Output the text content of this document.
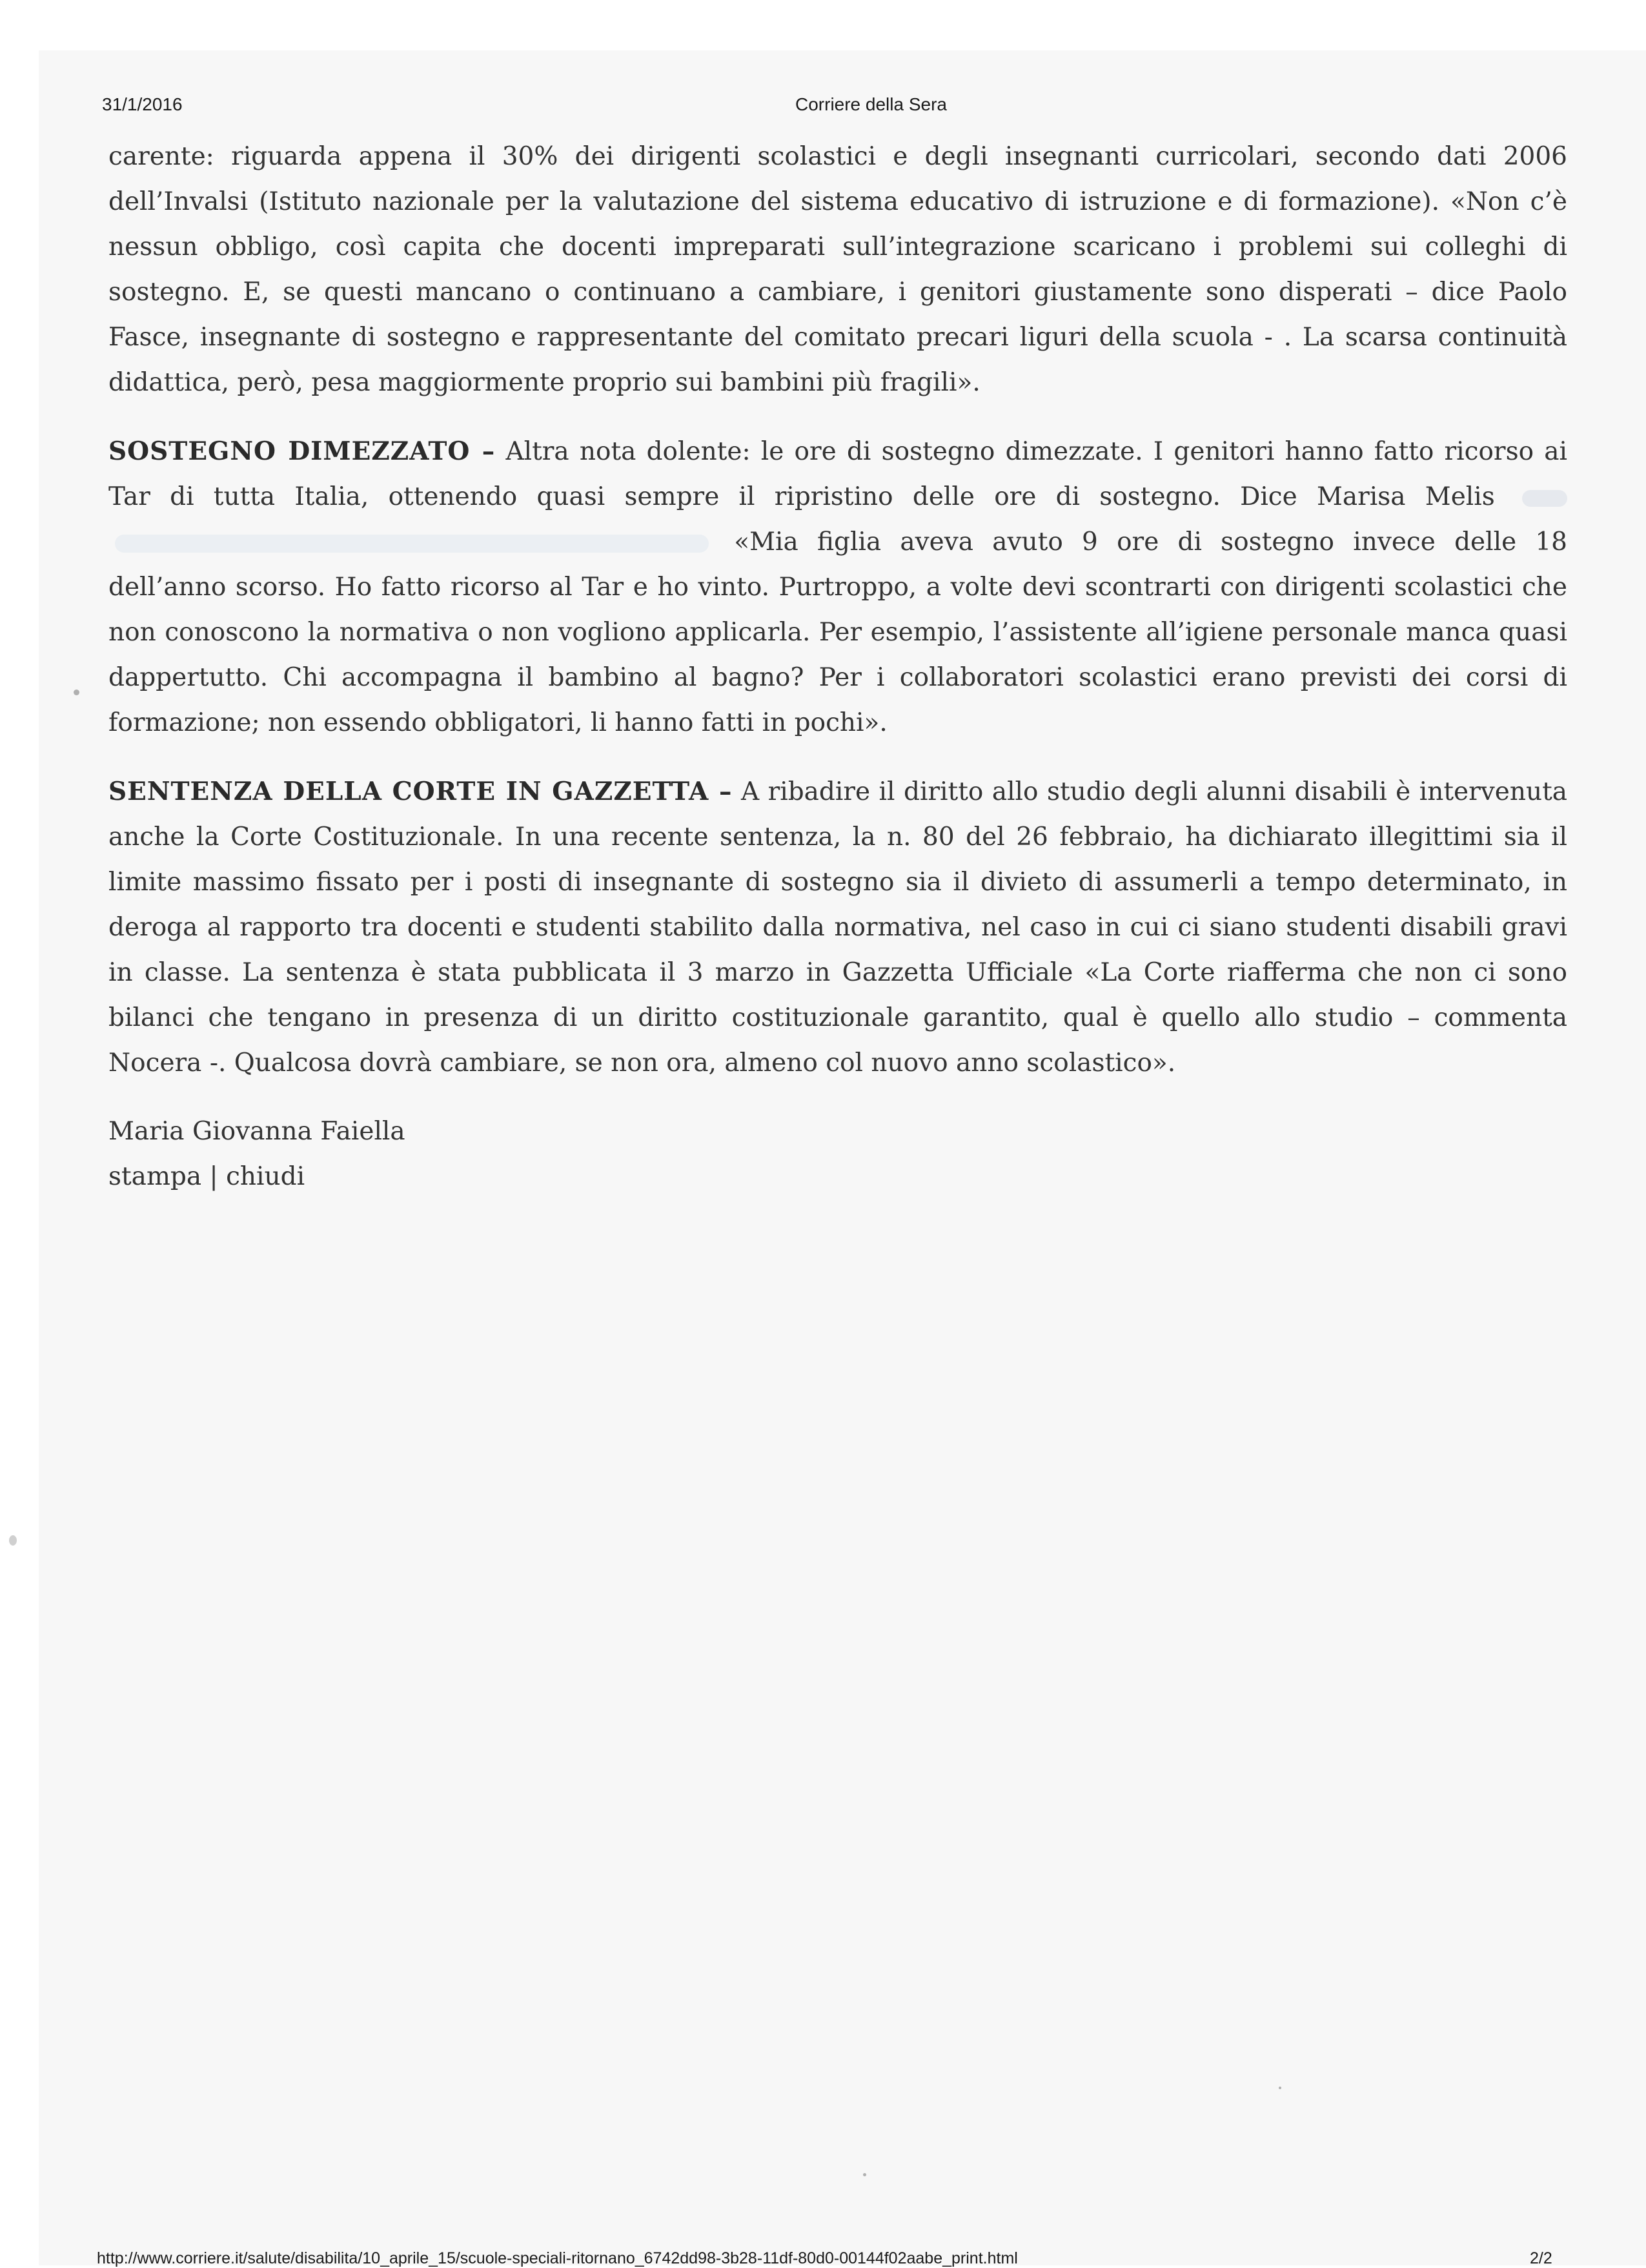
31/1/2016	Corriere della Sera

carente: riguarda appena il 30% dei dirigenti scolastici e degli insegnanti curricolari, secondo dati 2006 dell’Invalsi (Istituto nazionale per la valutazione del sistema educativo di istruzione e di formazione). «Non c’è nessun obbligo, così capita che docenti impreparati sull’integrazione scaricano i problemi sui colleghi di sostegno. E, se questi mancano o continuano a cambiare, i genitori giustamente sono disperati – dice Paolo Fasce, insegnante di sostegno e rappresentante del comitato precari liguri della scuola - . La scarsa continuità didattica, però, pesa maggiormente proprio sui bambini più fragili».

SOSTEGNO DIMEZZATO – Altra nota dolente: le ore di sostegno dimezzate. I genitori hanno fatto ricorso ai Tar di tutta Italia, ottenendo quasi sempre il ripristino delle ore di sostegno. Dice Marisa Melis   «Mia figlia aveva avuto 9 ore di sostegno invece delle 18 dell’anno scorso. Ho fatto ricorso al Tar e ho vinto. Purtroppo, a volte devi scontrarti con dirigenti scolastici che non conoscono la normativa o non vogliono applicarla. Per esempio, l’assistente all’igiene personale manca quasi dappertutto. Chi accompagna il bambino al bagno? Per i collaboratori scolastici erano previsti dei corsi di formazione; non essendo obbligatori, li hanno fatti in pochi».

SENTENZA DELLA CORTE IN GAZZETTA – A ribadire il diritto allo studio degli alunni disabili è intervenuta anche la Corte Costituzionale. In una recente sentenza, la n. 80 del 26 febbraio, ha dichiarato illegittimi sia il limite massimo fissato per i posti di insegnante di sostegno sia il divieto di assumerli a tempo determinato, in deroga al rapporto tra docenti e studenti stabilito dalla normativa, nel caso in cui ci siano studenti disabili gravi in classe. La sentenza è stata pubblicata il 3 marzo in Gazzetta Ufficiale «La Corte riafferma che non ci sono bilanci che tengano in presenza di un diritto costituzionale garantito, qual è quello allo studio – commenta Nocera -. Qualcosa dovrà cambiare, se non ora, almeno col nuovo anno scolastico».

Maria Giovanna Faiella
stampa | chiudi
http://www.corriere.it/salute/disabilita/10_aprile_15/scuole-speciali-ritornano_6742dd98-3b28-11df-80d0-00144f02aabe_print.html	2/2
